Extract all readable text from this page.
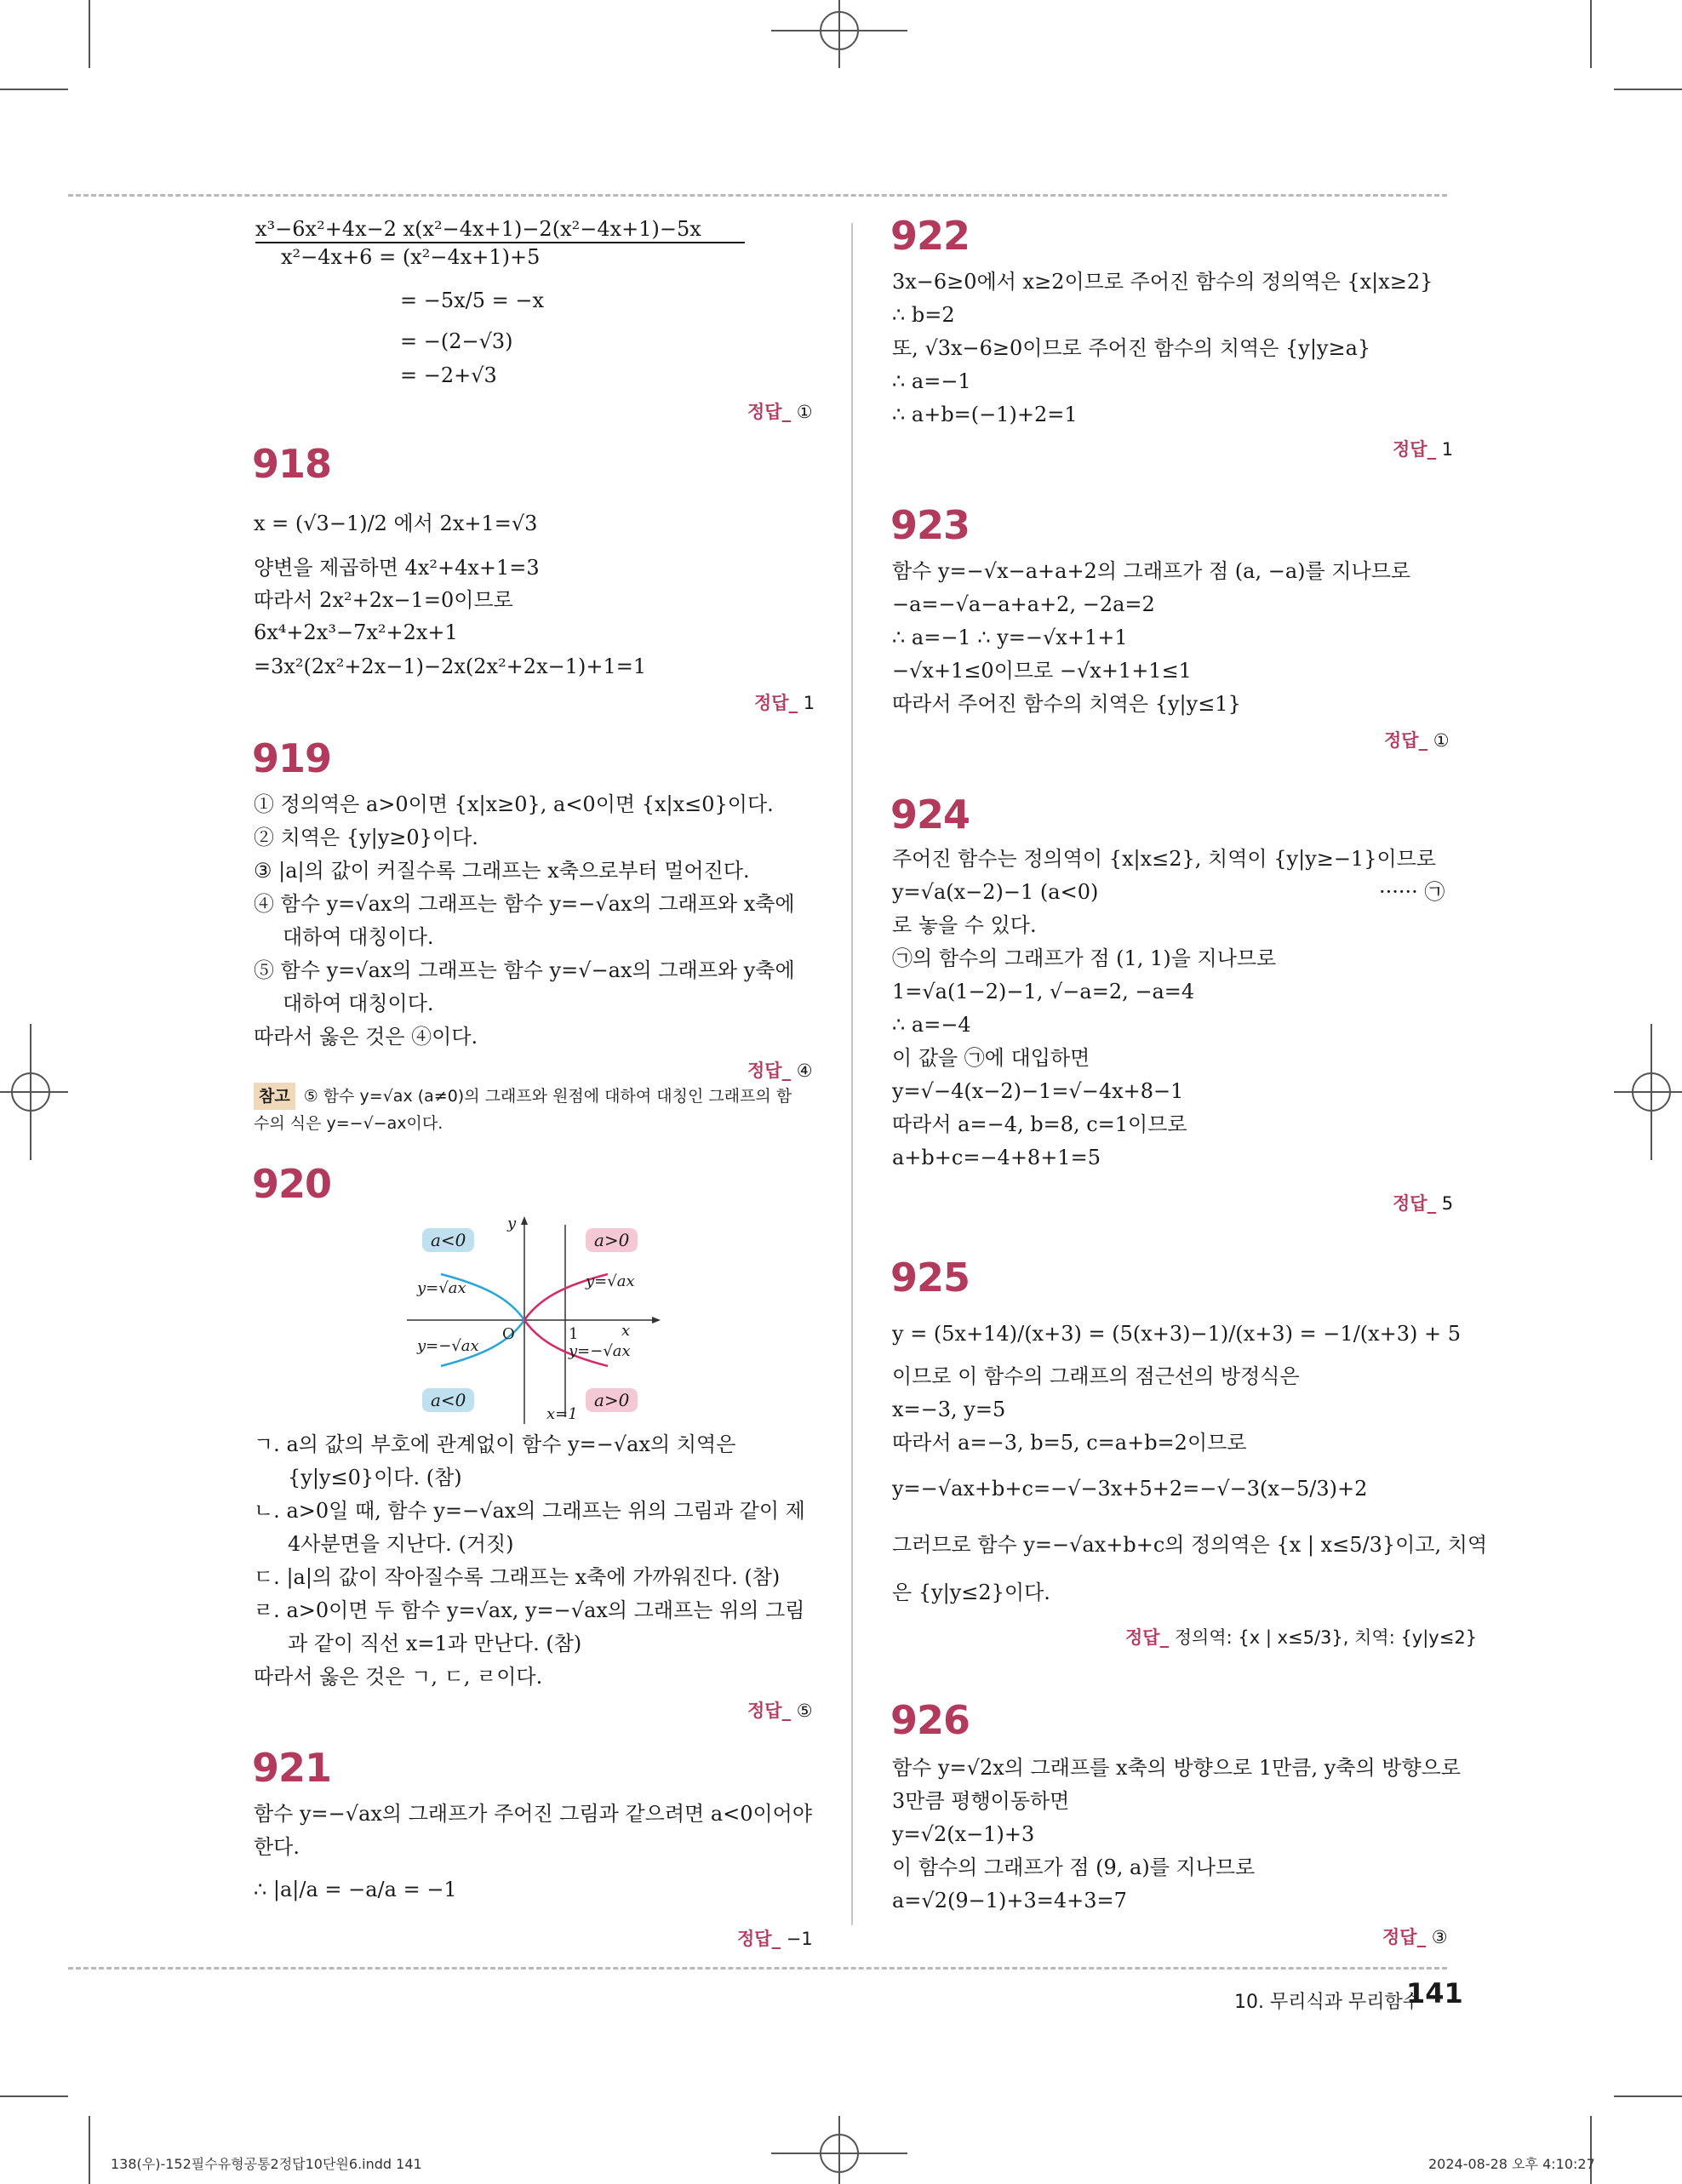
x³−6x²+4x−2 x(x²−4x+1)−2(x²−4x+1)−5x
x²−4x+6 = (x²−4x+1)+5
= −5x/5 = −x
= −(2−√3)
= −2+√3
정답_ ①
918
x = (√3−1)/2 에서 2x+1=√3
양변을 제곱하면 4x²+4x+1=3
따라서 2x²+2x−1=0이므로
6x⁴+2x³−7x²+2x+1
=3x²(2x²+2x−1)−2x(2x²+2x−1)+1=1
정답_ 1
919
① 정의역은 a>0이면 {x|x≥0}, a<0이면 {x|x≤0}이다.
② 치역은 {y|y≥0}이다.
③ |a|의 값이 커질수록 그래프는 x축으로부터 멀어진다.
④ 함수 y=√ax의 그래프는 함수 y=−√ax의 그래프와 x축에
대하여 대칭이다.
⑤ 함수 y=√ax의 그래프는 함수 y=√−ax의 그래프와 y축에
대하여 대칭이다.
따라서 옳은 것은 ④이다.
정답_ ④
참고 ⑤ 함수 y=√ax (a≠0)의 그래프와 원점에 대하여 대칭인 그래프의 함
수의 식은 y=−√−ax이다.
920
a<0	a>0
a<0	a>0
y=√ax	y=√ax
y=−√ax	y=−√ax
O	1	x
y
x=1
ㄱ. a의 값의 부호에 관계없이 함수 y=−√ax의 치역은
{y|y≤0}이다. (참)
ㄴ. a>0일 때, 함수 y=−√ax의 그래프는 위의 그림과 같이 제
4사분면을 지난다. (거짓)
ㄷ. |a|의 값이 작아질수록 그래프는 x축에 가까워진다. (참)
ㄹ. a>0이면 두 함수 y=√ax, y=−√ax의 그래프는 위의 그림
과 같이 직선 x=1과 만난다. (참)
따라서 옳은 것은 ㄱ, ㄷ, ㄹ이다.
정답_ ⑤
921
함수 y=−√ax의 그래프가 주어진 그림과 같으려면 a<0이어야
한다.
∴ |a|/a = −a/a = −1
정답_ −1
922
3x−6≥0에서 x≥2이므로 주어진 함수의 정의역은 {x|x≥2}
∴ b=2
또, √3x−6≥0이므로 주어진 함수의 치역은 {y|y≥a}
∴ a=−1
∴ a+b=(−1)+2=1
정답_ 1
923
함수 y=−√x−a+a+2의 그래프가 점 (a, −a)를 지나므로
−a=−√a−a+a+2, −2a=2
∴ a=−1 ∴ y=−√x+1+1
−√x+1≤0이므로 −√x+1+1≤1
따라서 주어진 함수의 치역은 {y|y≤1}
정답_ ①
924
주어진 함수는 정의역이 {x|x≤2}, 치역이 {y|y≥−1}이므로
y=√a(x−2)−1 (a<0)	······ ㉠
로 놓을 수 있다.
㉠의 함수의 그래프가 점 (1, 1)을 지나므로
1=√a(1−2)−1, √−a=2, −a=4
∴ a=−4
이 값을 ㉠에 대입하면
y=√−4(x−2)−1=√−4x+8−1
따라서 a=−4, b=8, c=1이므로
a+b+c=−4+8+1=5
정답_ 5
925
y = (5x+14)/(x+3) = (5(x+3)−1)/(x+3) = −1/(x+3) + 5
이므로 이 함수의 그래프의 점근선의 방정식은
x=−3, y=5
따라서 a=−3, b=5, c=a+b=2이므로
y=−√ax+b+c=−√−3x+5+2=−√−3(x−5/3)+2
그러므로 함수 y=−√ax+b+c의 정의역은 {x | x≤5/3}이고, 치역
은 {y|y≤2}이다.
정답_ 정의역: {x | x≤5/3}, 치역: {y|y≤2}
926
함수 y=√2x의 그래프를 x축의 방향으로 1만큼, y축의 방향으로
3만큼 평행이동하면
y=√2(x−1)+3
이 함수의 그래프가 점 (9, a)를 지나므로
a=√2(9−1)+3=4+3=7
정답_ ③
10. 무리식과 무리함수
141
138(우)-152필수유형공통2정답10단원6.indd 141	2024-08-28 오후 4:10:27
